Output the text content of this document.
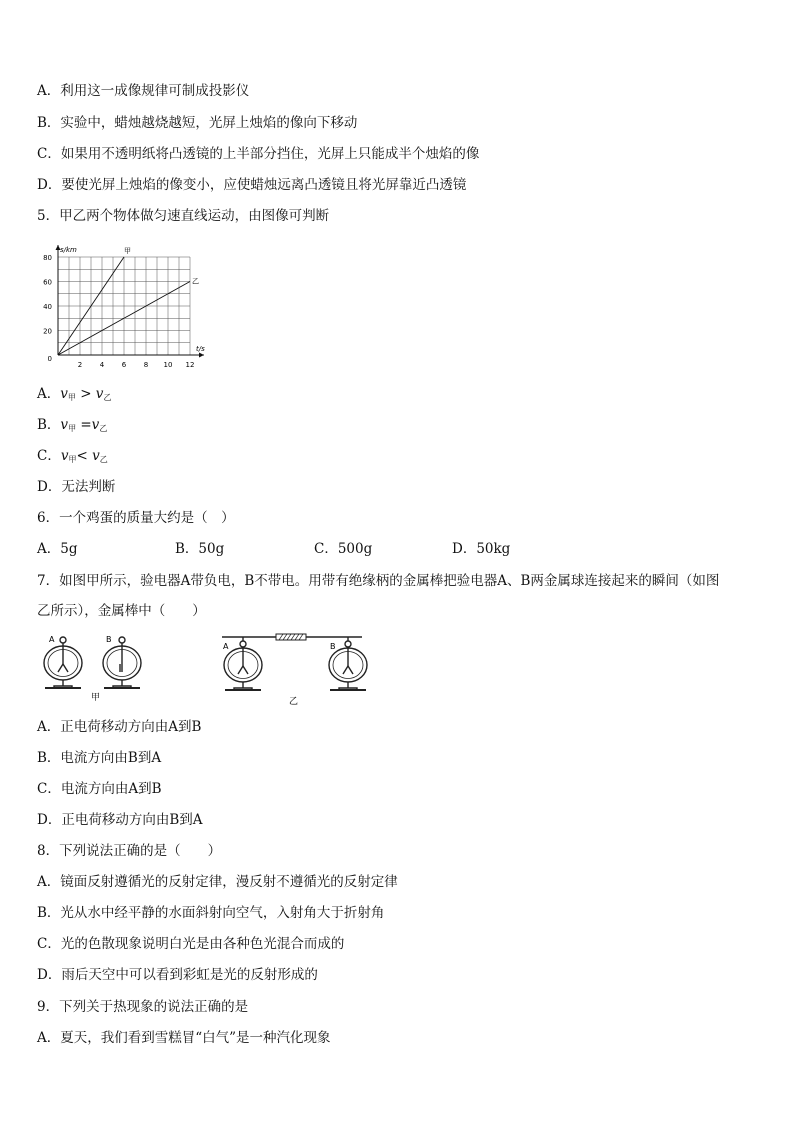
A．利用这一成像规律可制成投影仪
B．实验中，蜡烛越烧越短，光屏上烛焰的像向下移动
C．如果用不透明纸将凸透镜的上半部分挡住，光屏上只能成半个烛焰的像
D．要使光屏上烛焰的像变小，应使蜡烛远离凸透镜且将光屏靠近凸透镜
5．甲乙两个物体做匀速直线运动，由图像可判断
2	4	6	8 10 12
0
20
40
60
80
s/km
t/s
甲
乙
A．$v_甲 > v_乙$
B．$v_甲 =v_乙$
C．$v_甲< v_乙$
D．无法判断
6．一个鸡蛋的质量大约是（　）
A．5g	B．50g	C．500g	D．50kg
7．如图甲所示，验电器A带负电，B不带电。用带有绝缘柄的金属棒把验电器A、B两金属球连接起来的瞬间（如图
乙所示），金属棒中（　　）
A	B
甲
A	B
乙
A．正电荷移动方向由A到B
B．电流方向由B到A
C．电流方向由A到B
D．正电荷移动方向由B到A
8．下列说法正确的是（　　）
A．镜面反射遵循光的反射定律，漫反射不遵循光的反射定律
B．光从水中经平静的水面斜射向空气，入射角大于折射角
C．光的色散现象说明白光是由各种色光混合而成的
D．雨后天空中可以看到彩虹是光的反射形成的
9．下列关于热现象的说法正确的是
A．夏天，我们看到雪糕冒“白气”是一种汽化现象
